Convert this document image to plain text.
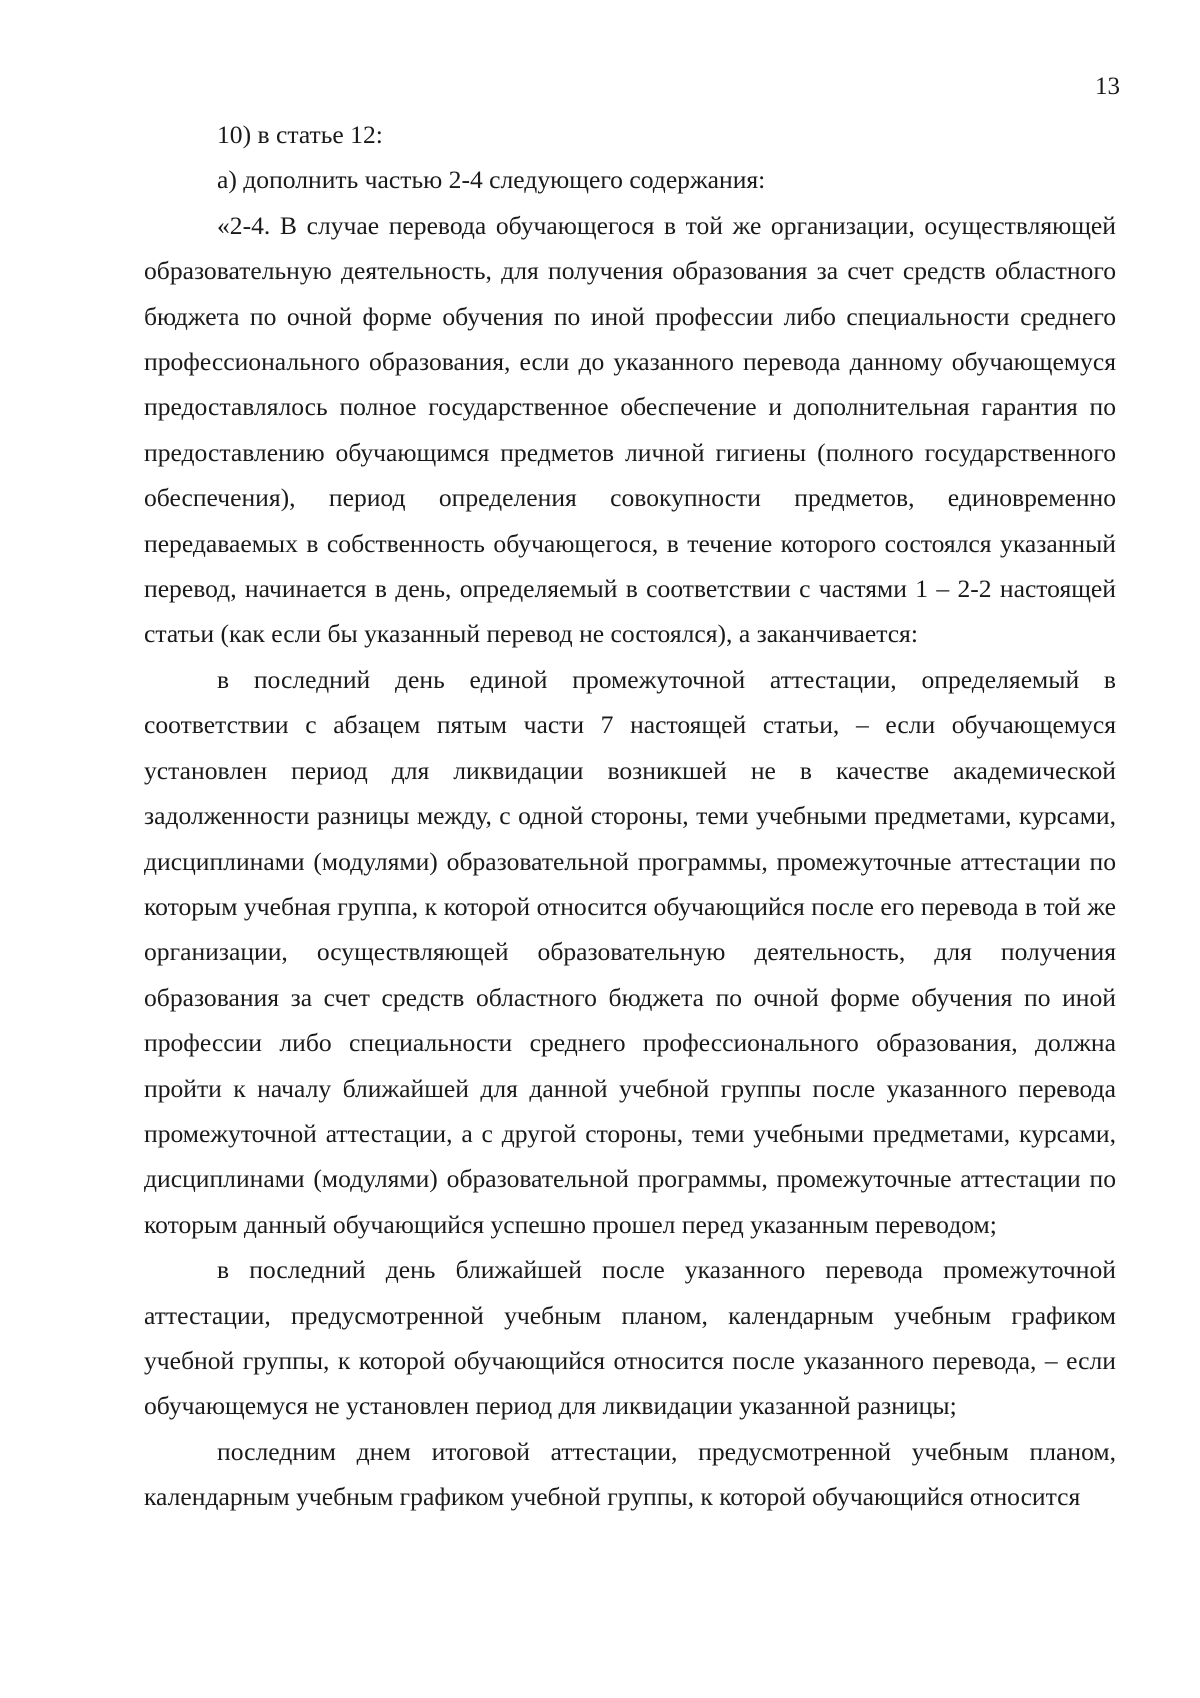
13

10) в статье 12:

а) дополнить частью 2-4 следующего содержания:

«2-4. В случае перевода обучающегося в той же организации, осуществляющей образовательную деятельность, для получения образования за счет средств областного бюджета по очной форме обучения по иной профессии либо специальности среднего профессионального образования, если до указанного перевода данному обучающемуся предоставлялось полное государственное обеспечение и дополнительная гарантия по предоставлению обучающимся предметов личной гигиены (полного государственного обеспечения), период определения совокупности предметов, единовременно передаваемых в собственность обучающегося, в течение которого состоялся указанный перевод, начинается в день, определяемый в соответствии с частями 1 – 2-2 настоящей статьи (как если бы указанный перевод не состоялся), а заканчивается:

в последний день единой промежуточной аттестации, определяемый в соответствии с абзацем пятым части 7 настоящей статьи, – если обучающемуся установлен период для ликвидации возникшей не в качестве академической задолженности разницы между, с одной стороны, теми учебными предметами, курсами, дисциплинами (модулями) образовательной программы, промежуточные аттестации по которым учебная группа, к которой относится обучающийся после его перевода в той же организации, осуществляющей образовательную деятельность, для получения образования за счет средств областного бюджета по очной форме обучения по иной профессии либо специальности среднего профессионального образования, должна пройти к началу ближайшей для данной учебной группы после указанного перевода промежуточной аттестации, а с другой стороны, теми учебными предметами, курсами, дисциплинами (модулями) образовательной программы, промежуточные аттестации по которым данный обучающийся успешно прошел перед указанным переводом;

в последний день ближайшей после указанного перевода промежуточной аттестации, предусмотренной учебным планом, календарным учебным графиком учебной группы, к которой обучающийся относится после указанного перевода, – если обучающемуся не установлен период для ликвидации указанной разницы;

последним днем итоговой аттестации, предусмотренной учебным планом, календарным учебным графиком учебной группы, к которой обучающийся относится
